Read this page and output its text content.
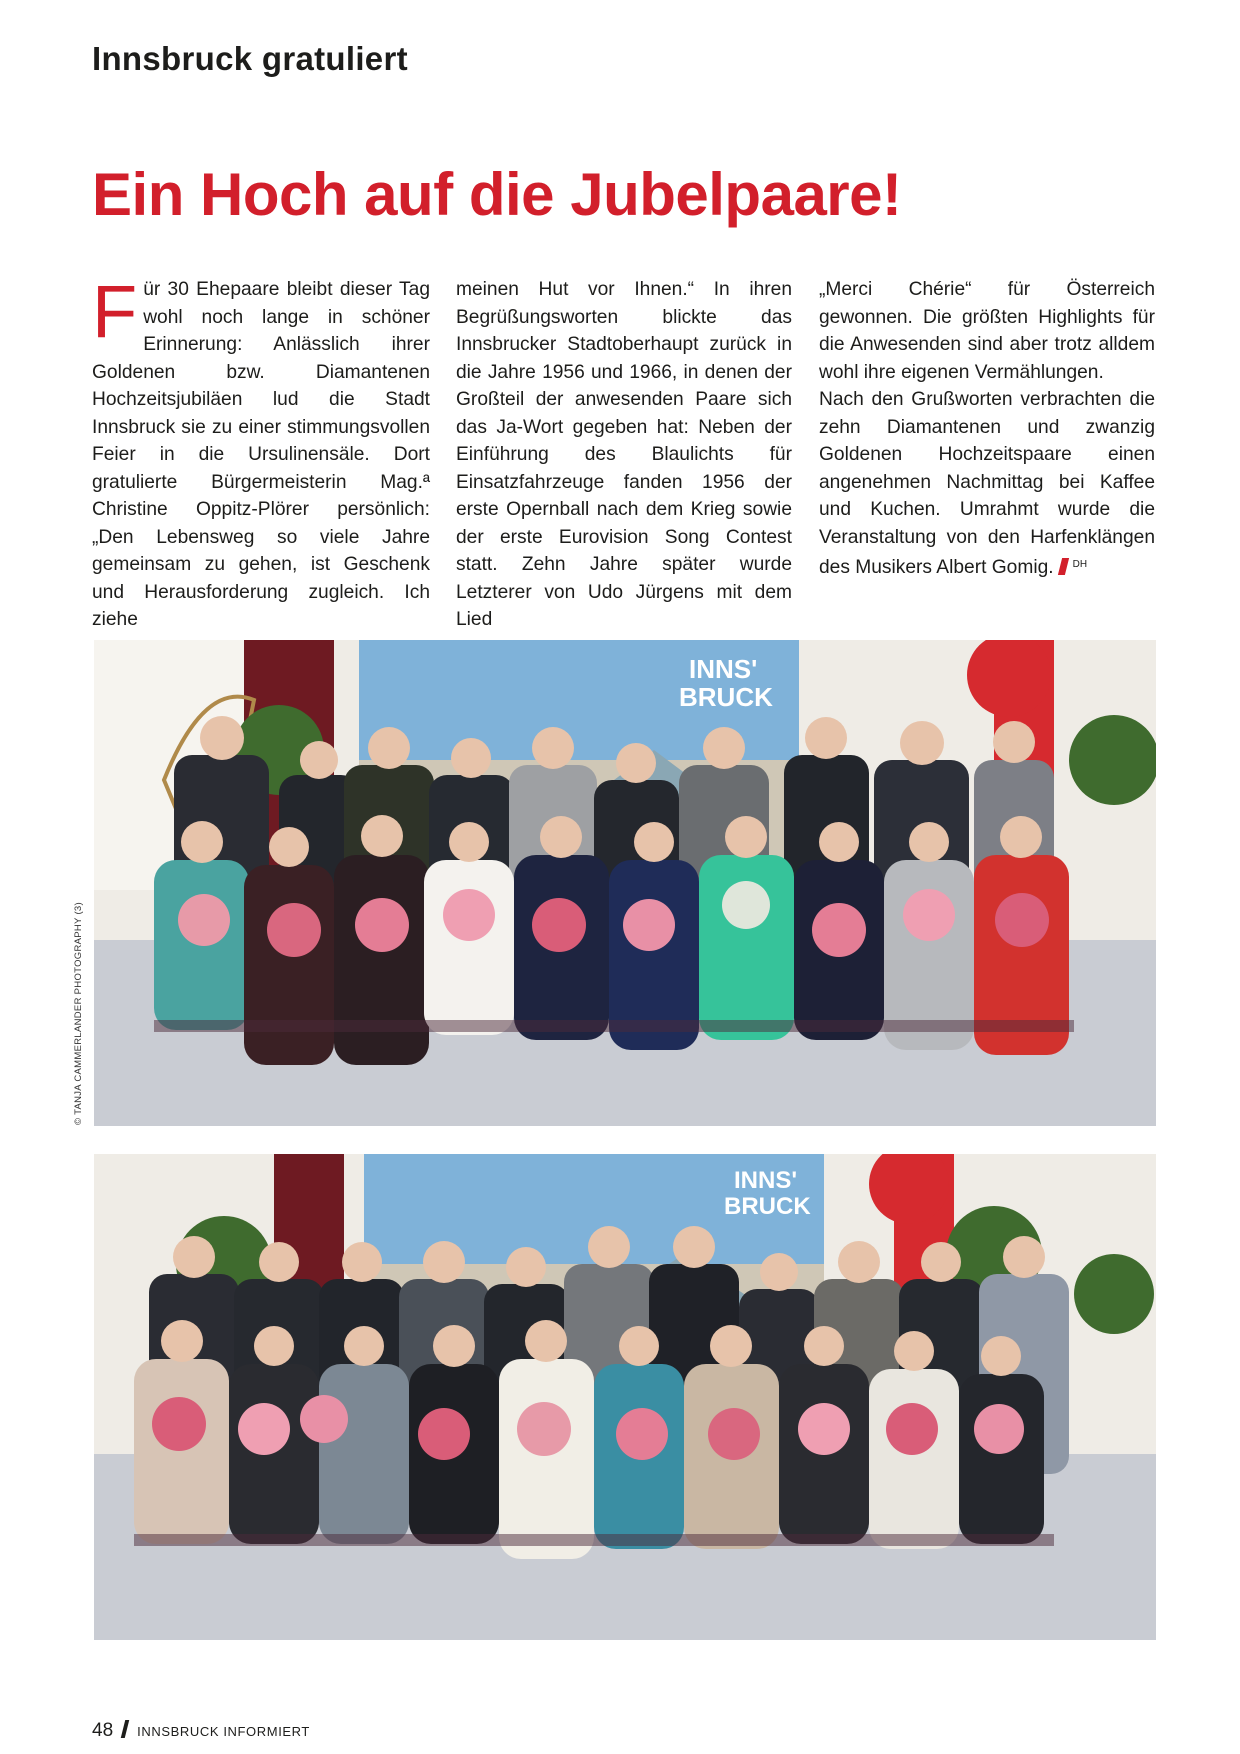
Innsbruck gratuliert
Ein Hoch auf die Jubelpaare!

Für 30 Ehepaare bleibt dieser Tag wohl noch lange in schöner Erinnerung: Anlässlich ihrer Goldenen bzw. Diamantenen Hochzeitsjubiläen lud die Stadt Innsbruck sie zu einer stimmungsvollen Feier in die Ursulinensäle. Dort gratulierte Bürgermeisterin Mag.ª Christine Oppitz-Plörer persönlich: „Den Lebensweg so viele Jahre gemeinsam zu gehen, ist Geschenk und Herausforderung zugleich. Ich ziehe

meinen Hut vor Ihnen.“ In ihren Begrüßungsworten blickte das Innsbrucker Stadtoberhaupt zurück in die Jahre 1956 und 1966, in denen der Großteil der anwesenden Paare sich das Ja-Wort gegeben hat: Neben der Einführung des Blaulichts für Einsatzfahrzeuge fanden 1956 der erste Opernball nach dem Krieg sowie der erste Eurovision Song Contest statt. Zehn Jahre später wurde Letzterer von Udo Jürgens mit dem Lied

„Merci Chérie“ für Österreich gewonnen. Die größten Highlights für die Anwesenden sind aber trotz alldem wohl ihre eigenen Vermählungen.

Nach den Grußworten verbrachten die zehn Diamantenen und zwanzig Goldenen Hochzeitspaare einen angenehmen Nachmittag bei Kaffee und Kuchen. Umrahmt wurde die Veranstaltung von den Harfenklängen des Musikers Albert Gomig. $^{DH}$

© TANJA CAMMERLANDER PHOTOGRAPHY (3)
INNS'
BRUCK
INNS'
BRUCK
48 INNSBRUCK INFORMIERT
